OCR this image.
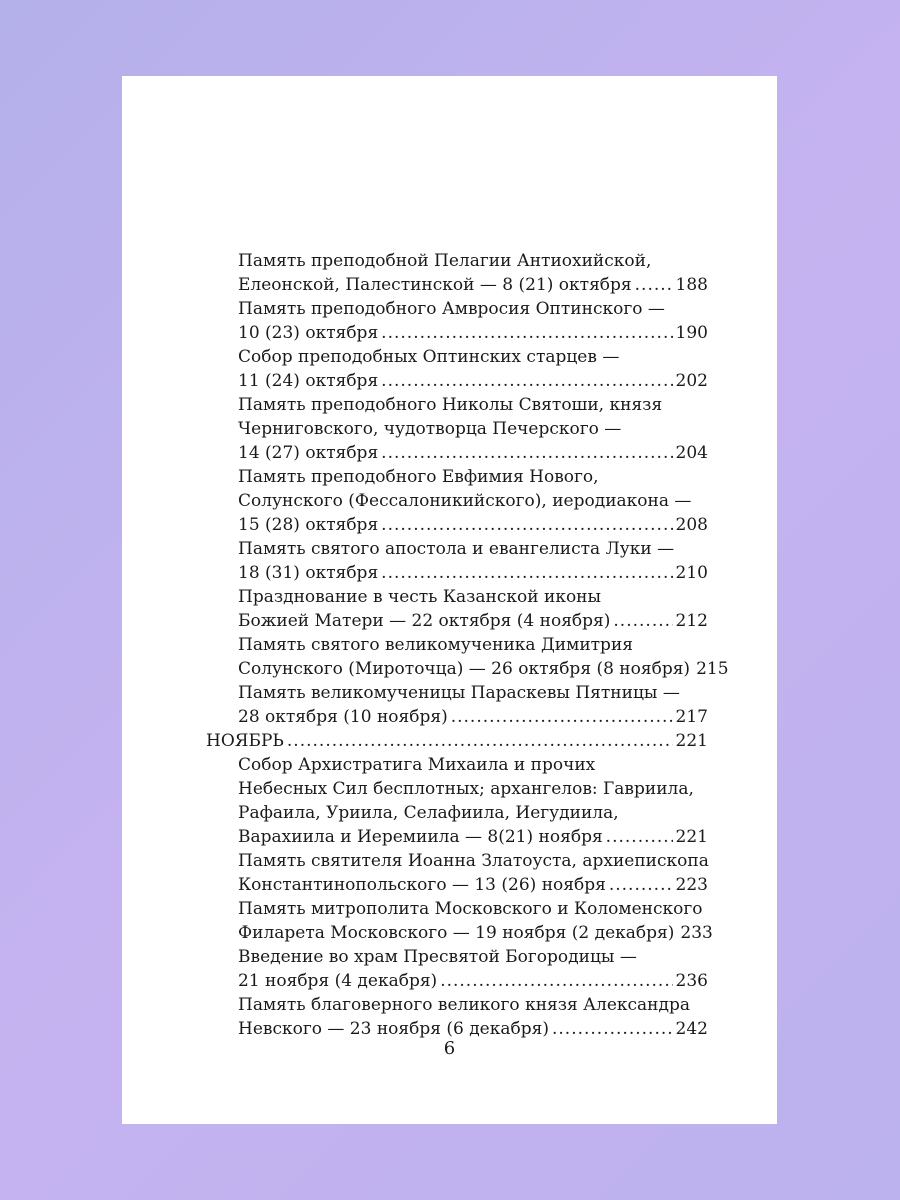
Память преподобной Пелагии Антиохийской,
Елеонской, Палестинской — 8 (21) октября .....	188
Память преподобного Амвросия Оптинского —
10 (23) октября .....	190
Собор преподобных Оптинских старцев —
11 (24) октября .....	202
Память преподобного Николы Святоши, князя
Черниговского, чудотворца Печерского —
14 (27) октября .....	204
Память преподобного Евфимия Нового,
Солунского (Фессалоникийского), иеродиакона —
15 (28) октября .....	208
Память святого апостола и евангелиста Луки —
18 (31) октября .....	210
Празднование в честь Казанской иконы
Божией Матери — 22 октября (4 ноября) .....	212
Память святого великомученика Димитрия
Солунского (Мироточца) — 26 октября (8 ноября) 215
Память великомученицы Параскевы Пятницы —
28 октября (10 ноября) .....	217
НОЯБРЬ .....	221
Собор Архистратига Михаила и прочих
Небесных Сил бесплотных; архангелов: Гавриила,
Рафаила, Уриила, Селафиила, Иегудиила,
Варахиила и Иеремиила — 8(21) ноября .....	221
Память святителя Иоанна Златоуста, архиепископа
Константинопольского — 13 (26) ноября .....	223
Память митрополита Московского и Коломенского
Филарета Московского — 19 ноября (2 декабря) 233
Введение во храм Пресвятой Богородицы —
21 ноября (4 декабря) .....	236
Память благоверного великого князя Александра
Невского — 23 ноября (6 декабря) .....	242
6
